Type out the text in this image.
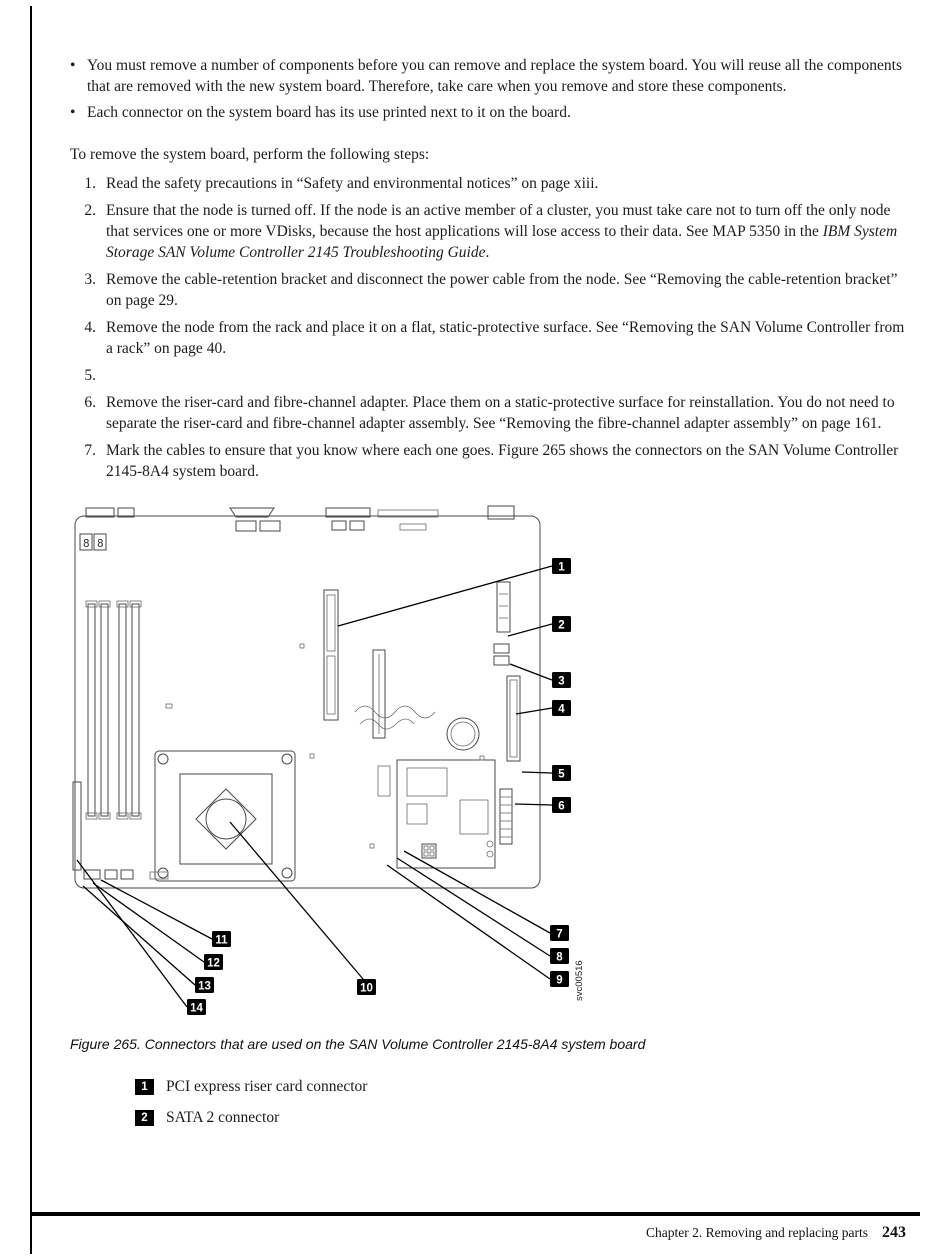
• You must remove a number of components before you can remove and replace the system board. You will reuse all the components that are removed with the new system board. Therefore, take care when you remove and store these components.
• Each connector on the system board has its use printed next to it on the board.
To remove the system board, perform the following steps:
1. Read the safety precautions in “Safety and environmental notices” on page xiii.
2. Ensure that the node is turned off. If the node is an active member of a cluster, you must take care not to turn off the only node that services one or more VDisks, because the host applications will lose access to their data. See MAP 5350 in the IBM System Storage SAN Volume Controller 2145 Troubleshooting Guide.
3. Remove the cable-retention bracket and disconnect the power cable from the node. See “Removing the cable-retention bracket” on page 29.
4. Remove the node from the rack and place it on a flat, static-protective surface. See “Removing the SAN Volume Controller from a rack” on page 40.
5.
6. Remove the riser-card and fibre-channel adapter. Place them on a static-protective surface for reinstallation. You do not need to separate the riser-card and fibre-channel adapter assembly. See “Removing the fibre-channel adapter assembly” on page 161.
7. Mark the cables to ensure that you know where each one goes. Figure 265 shows the connectors on the SAN Volume Controller 2145-8A4 system board.
8 8
svc00516
1
2
3
4
5
6
7
8
9
10
11
12
13
14
Figure 265. Connectors that are used on the SAN Volume Controller 2145-8A4 system board
1	PCI express riser card connector
2	SATA 2 connector
Chapter 2. Removing and replacing parts 243
